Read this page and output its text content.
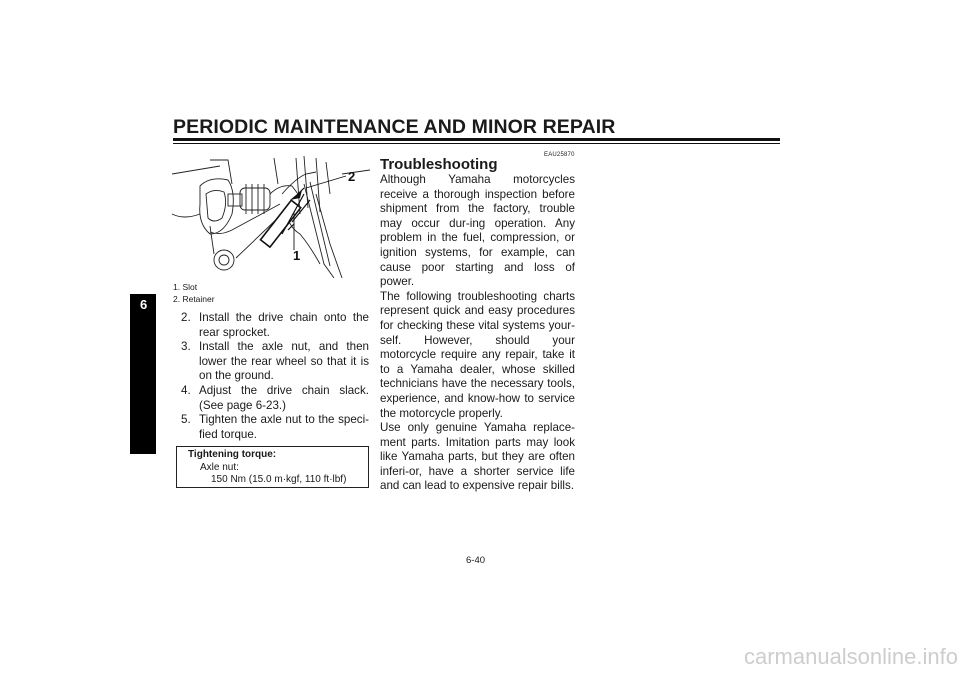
PERIODIC MAINTENANCE AND MINOR REPAIR
6
2
1
1. Slot
2. Retainer
2. Install the drive chain onto the rear sprocket.
3. Install the axle nut, and then lower the rear wheel so that it is on the ground.
4. Adjust the drive chain slack. (See page 6-23.)
5. Tighten the axle nut to the speci-fied torque.
Tightening torque:
Axle nut:
150 Nm (15.0 m·kgf, 110 ft·lbf)
EAU25870
Troubleshooting

Although Yamaha motorcycles receive a thorough inspection before shipment from the factory, trouble may occur dur-ing operation. Any problem in the fuel, compression, or ignition systems, for example, can cause poor starting and loss of power.

The following troubleshooting charts represent quick and easy procedures for checking these vital systems your-self. However, should your motorcycle require any repair, take it to a Yamaha dealer, whose skilled technicians have the necessary tools, experience, and know-how to service the motorcycle properly.

Use only genuine Yamaha replace-ment parts. Imitation parts may look like Yamaha parts, but they are often inferi-or, have a shorter service life and can lead to expensive repair bills.

6-40
carmanualsonline.info
